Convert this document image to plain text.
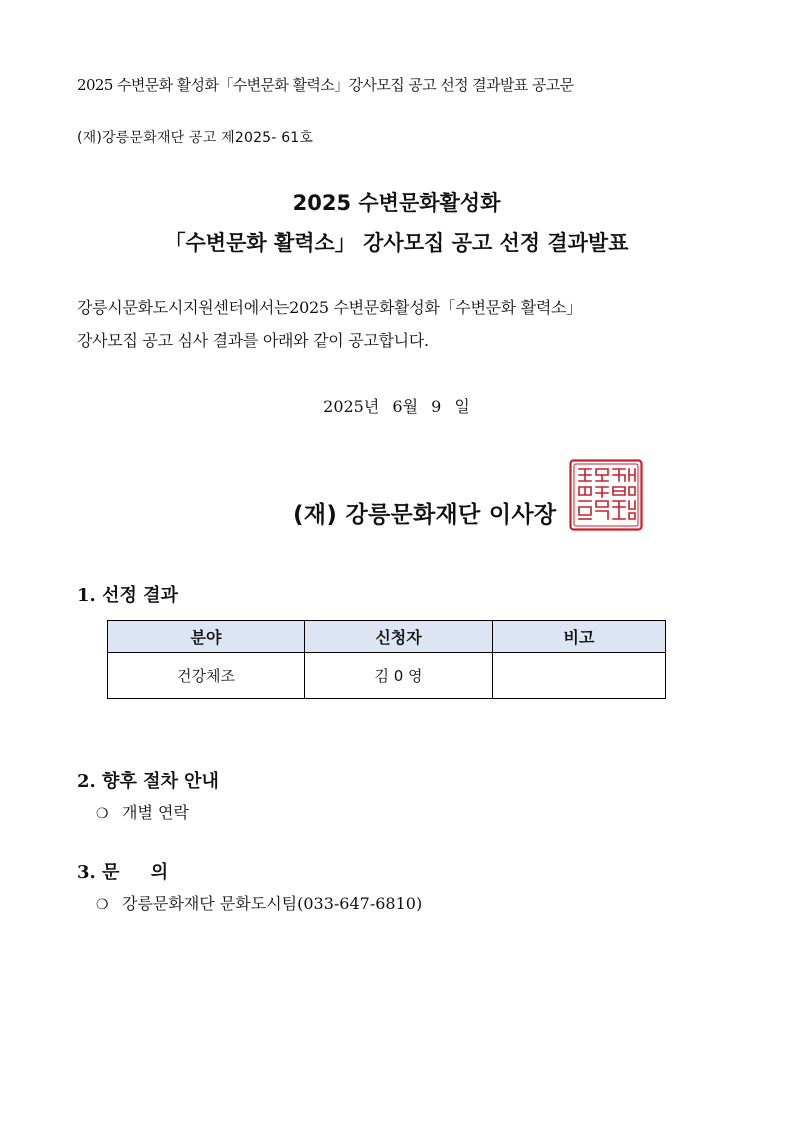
2025 수변문화 활성화「수변문화 활력소」강사모집 공고 선정 결과발표 공고문
(재)강릉문화재단 공고 제2025- 61호
2025 수변문화활성화
「수변문화 활력소」 강사모집 공고 선정 결과발표
강릉시문화도시지원센터에서는2025 수변문화활성화「수변문화 활력소」
강사모집 공고 심사 결과를 아래와 같이 공고합니다.
2025년 6월 9 일
(재) 강릉문화재단 이사장
1. 선정 결과
분야	신청자	비고
건강체조	김 0 영	
2. 향후 절차 안내
❍ 개별 연락
3. 문     의
❍ 강릉문화재단 문화도시팀(033-647-6810)
